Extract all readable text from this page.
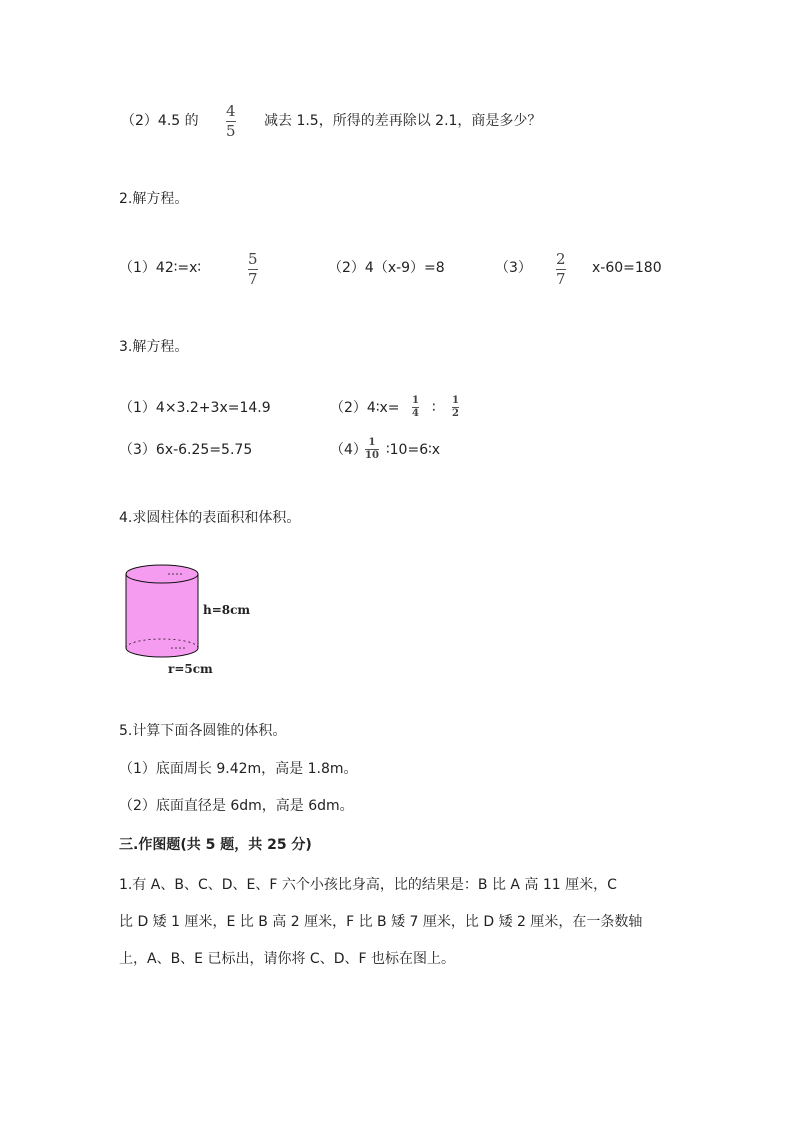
（2）4.5 的
4
5
减去 1.5，所得的差再除以 2.1，商是多少？
2.解方程。
（1）42∶=x∶	5
7
（2）4（x-9）=8	（3） 2
7
x-60=180
3.解方程。
（1）4×3.2+3x=14.9	（2）4∶x= 1
4 ∶ 1
2
（3）6x-6.25=5.75	（4） 1
10 ∶10=6∶x
4.求圆柱体的表面积和体积。
h=8cm
r=5cm
5.计算下面各圆锥的体积。
（1）底面周长 9.42m，高是 1.8m。
（2）底面直径是 6dm，高是 6dm。
三.作图题(共 5 题，共 25 分)
1.有 A、B、C、D、E、F 六个小孩比身高，比的结果是：B 比 A 高 11 厘米，C
比 D 矮 1 厘米，E 比 B 高 2 厘米，F 比 B 矮 7 厘米，比 D 矮 2 厘米，在一条数轴
上，A、B、E 已标出，请你将 C、D、F 也标在图上。
